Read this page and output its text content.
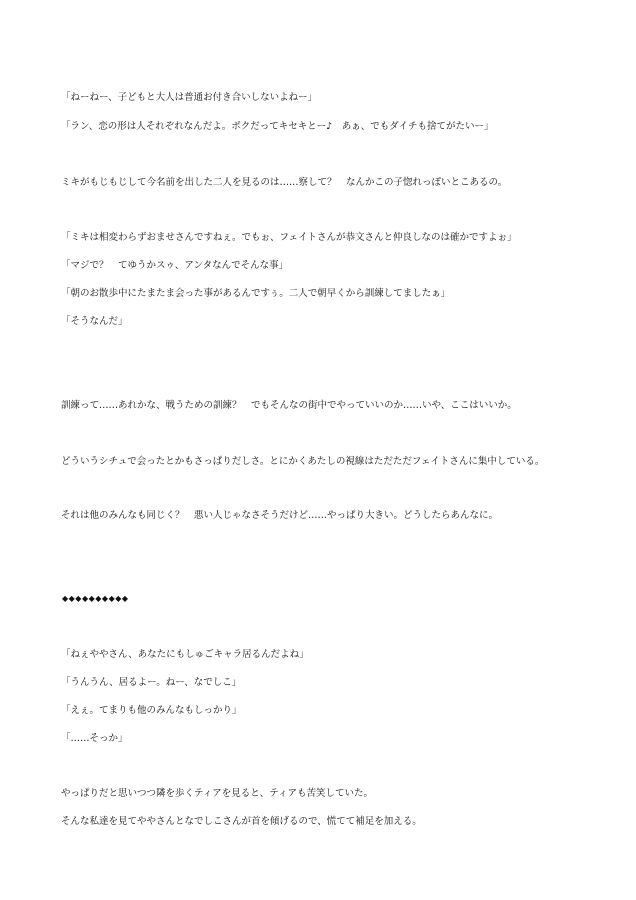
「ねーねー、子どもと大人は普通お付き合いしないよねー」
「ラン、恋の形は人それぞれなんだよ。ボクだってキセキとー♪　あぁ、でもダイチも捨てがたいー」
ミキがもじもじして今名前を出した二人を見るのは……察して？　なんかこの子惚れっぽいとこあるの。
「ミキは相変わらずおませさんですねぇ。でもぉ、フェイトさんが恭文さんと仲良しなのは確かですよぉ」
「マジで？　てゆうかスゥ、アンタなんでそんな事」
「朝のお散歩中にたまたま会った事があるんですぅ。二人で朝早くから訓練してましたぁ」
「そうなんだ」
訓練って……あれかな、戦うための訓練？　でもそんなの街中でやっていいのか……いや、ここはいいか。
どういうシチュで会ったとかもさっぱりだしさ。とにかくあたしの視線はただただフェイトさんに集中している。
それは他のみんなも同じく？　悪い人じゃなさそうだけど……やっぱり大きい。どうしたらあんなに。
◆◆◆◆◆◆◆◆◆◆
「ねぇややさん、あなたにもしゅごキャラ居るんだよね」
「うんうん、居るよー。ねー、なでしこ」
「えぇ。てまりも他のみんなもしっかり」
「……そっか」
やっぱりだと思いつつ隣を歩くティアを見ると、ティアも苦笑していた。
そんな私達を見てややさんとなでしこさんが首を傾げるので、慌てて補足を加える。
